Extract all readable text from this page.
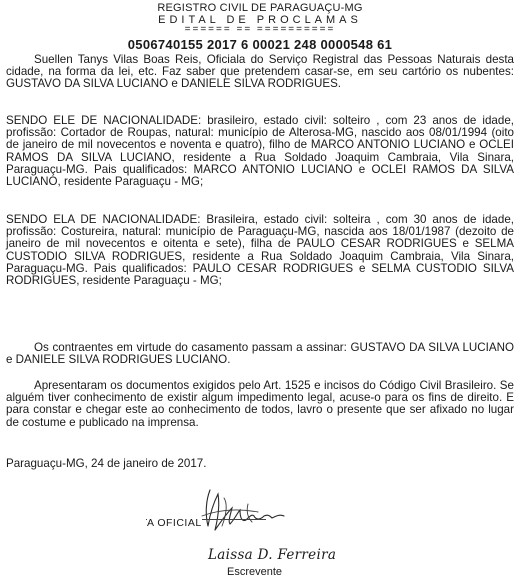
REGISTRO CIVIL DE PARAGUAÇU-MG
EDITAL DE PROCLAMAS
====== == ==========
0506740155 2017 6 00021 248 0000548 61
Suellen Tanys Vilas Boas Reis, Oficiala do Serviço Registral das Pessoas Naturais desta cidade, na forma da lei, etc. Faz saber que pretendem casar-se, em seu cartório os nubentes: GUSTAVO DA SILVA LUCIANO e DANIELE SILVA RODRIGUES.
SENDO ELE DE NACIONALIDADE: brasileiro, estado civil: solteiro , com 23 anos de idade, profissão: Cortador de Roupas, natural: município de Alterosa-MG, nascido aos 08/01/1994 (oito de janeiro de mil novecentos e noventa e quatro), filho de MARCO ANTONIO LUCIANO e OCLEI RAMOS DA SILVA LUCIANO, residente a Rua Soldado Joaquim Cambraia, Vila Sinara, Paraguaçu-MG. Pais qualificados: MARCO ANTONIO LUCIANO e OCLEI RAMOS DA SILVA LUCIANO, residente Paraguaçu - MG;
SENDO ELA DE NACIONALIDADE: Brasileira, estado civil: solteira , com 30 anos de idade, profissão: Costureira, natural: município de Paraguaçu-MG, nascida aos 18/01/1987 (dezoito de janeiro de mil novecentos e oitenta e sete), filha de PAULO CESAR RODRIGUES e SELMA CUSTODIO SILVA RODRIGUES, residente a Rua Soldado Joaquim Cambraia, Vila Sinara, Paraguaçu-MG. Pais qualificados: PAULO CESAR RODRIGUES e SELMA CUSTODIO SILVA RODRIGUES, residente Paraguaçu - MG;
Os contraentes em virtude do casamento passam a assinar: GUSTAVO DA SILVA LUCIANO e DANIELE SILVA RODRIGUES LUCIANO.
Apresentaram os documentos exigidos pelo Art. 1525 e incisos do Código Civil Brasileiro. Se alguém tiver conhecimento de existir algum impedimento legal, acuse-o para os fins de direito. E para constar e chegar este ao conhecimento de todos, lavro o presente que ser afixado no lugar de costume e publicado na imprensa.
Paraguaçu-MG, 24 de janeiro de 2017.
A OFICIAL
Laissa D. Ferreira
Escrevente
